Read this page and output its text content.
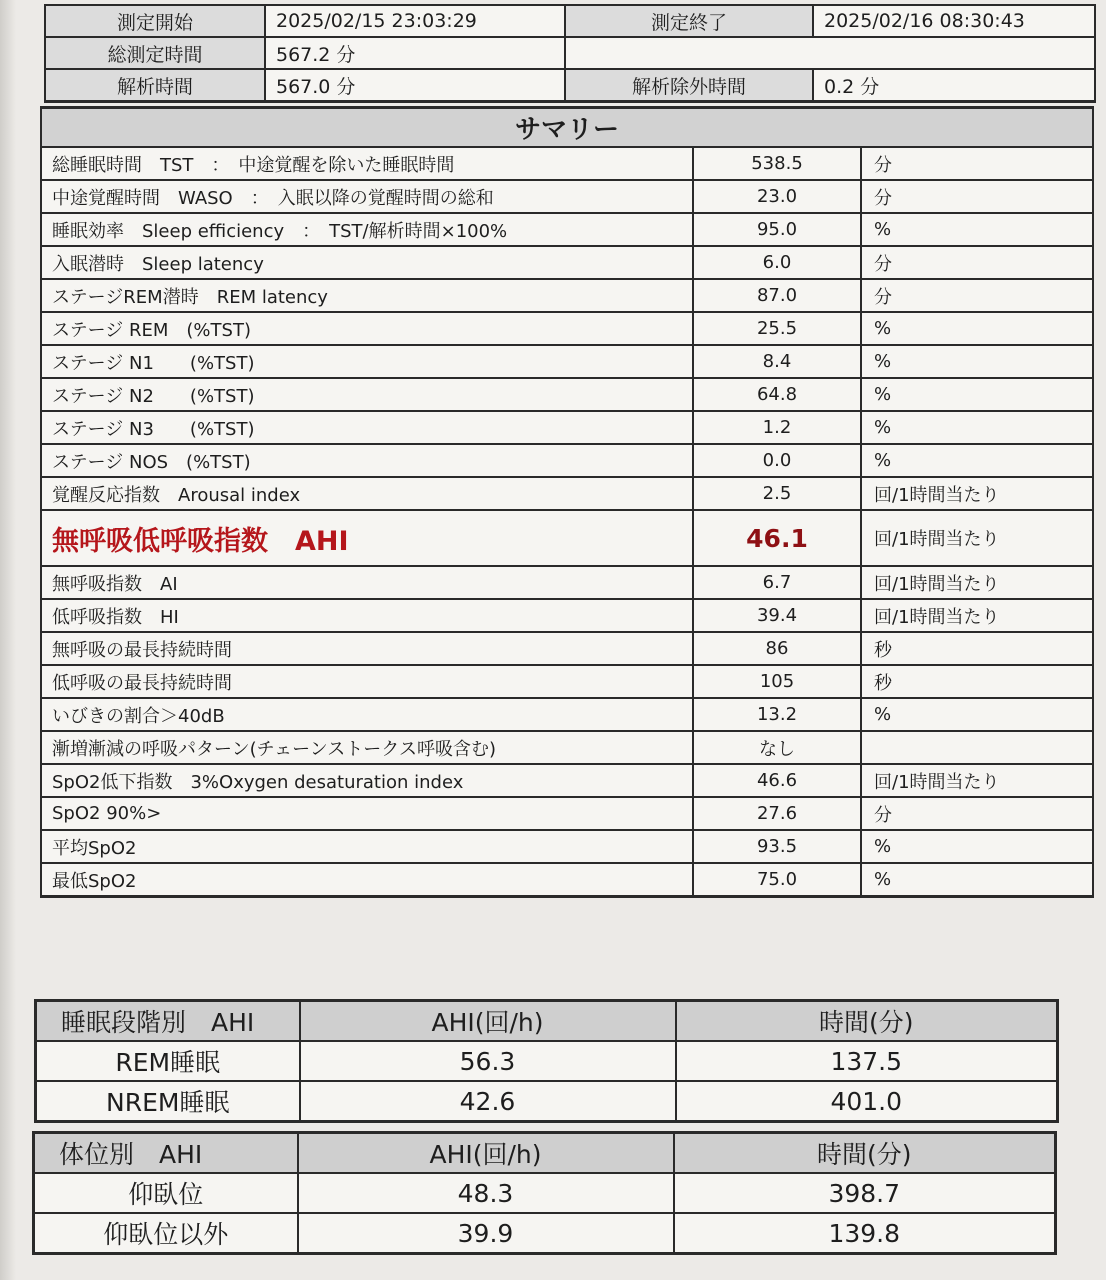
測定開始	2025/02/15 23:03:29	測定終了	2025/02/16 08:30:43
総測定時間	567.2 分		
解析時間	567.0 分	解析除外時間	0.2 分
サマリー		
総睡眠時間　TST　：　中途覚醒を除いた睡眠時間	538.5	分
中途覚醒時間　WASO　：　入眠以降の覚醒時間の総和	23.0	分
睡眠効率　Sleep efficiency　：　TST/解析時間×100%	95.0	%
入眠潜時　Sleep latency	6.0	分
ステージREM潜時　REM latency	87.0	分
ステージ REM　(%TST)	25.5	%
ステージ N1　　(%TST)	8.4	%
ステージ N2　　(%TST)	64.8	%
ステージ N3　　(%TST)	1.2	%
ステージ NOS　(%TST)	0.0	%
覚醒反応指数　Arousal index	2.5	回/1時間当たり
無呼吸低呼吸指数　AHI	46.1	回/1時間当たり
無呼吸指数　AI	6.7	回/1時間当たり
低呼吸指数　HI	39.4	回/1時間当たり
無呼吸の最長持続時間	86	秒
低呼吸の最長持続時間	105	秒
いびきの割合＞40dB	13.2	%
漸増漸減の呼吸パターン(チェーンストークス呼吸含む)	なし	
SpO2低下指数　3%Oxygen desaturation index	46.6	回/1時間当たり
SpO2 90%>	27.6	分
平均SpO2	93.5	%
最低SpO2	75.0	%
睡眠段階別　AHI	AHI(回/h)	時間(分)
REM睡眠	56.3	137.5
NREM睡眠	42.6	401.0
体位別　AHI	AHI(回/h)	時間(分)
仰臥位	48.3	398.7
仰臥位以外	39.9	139.8
